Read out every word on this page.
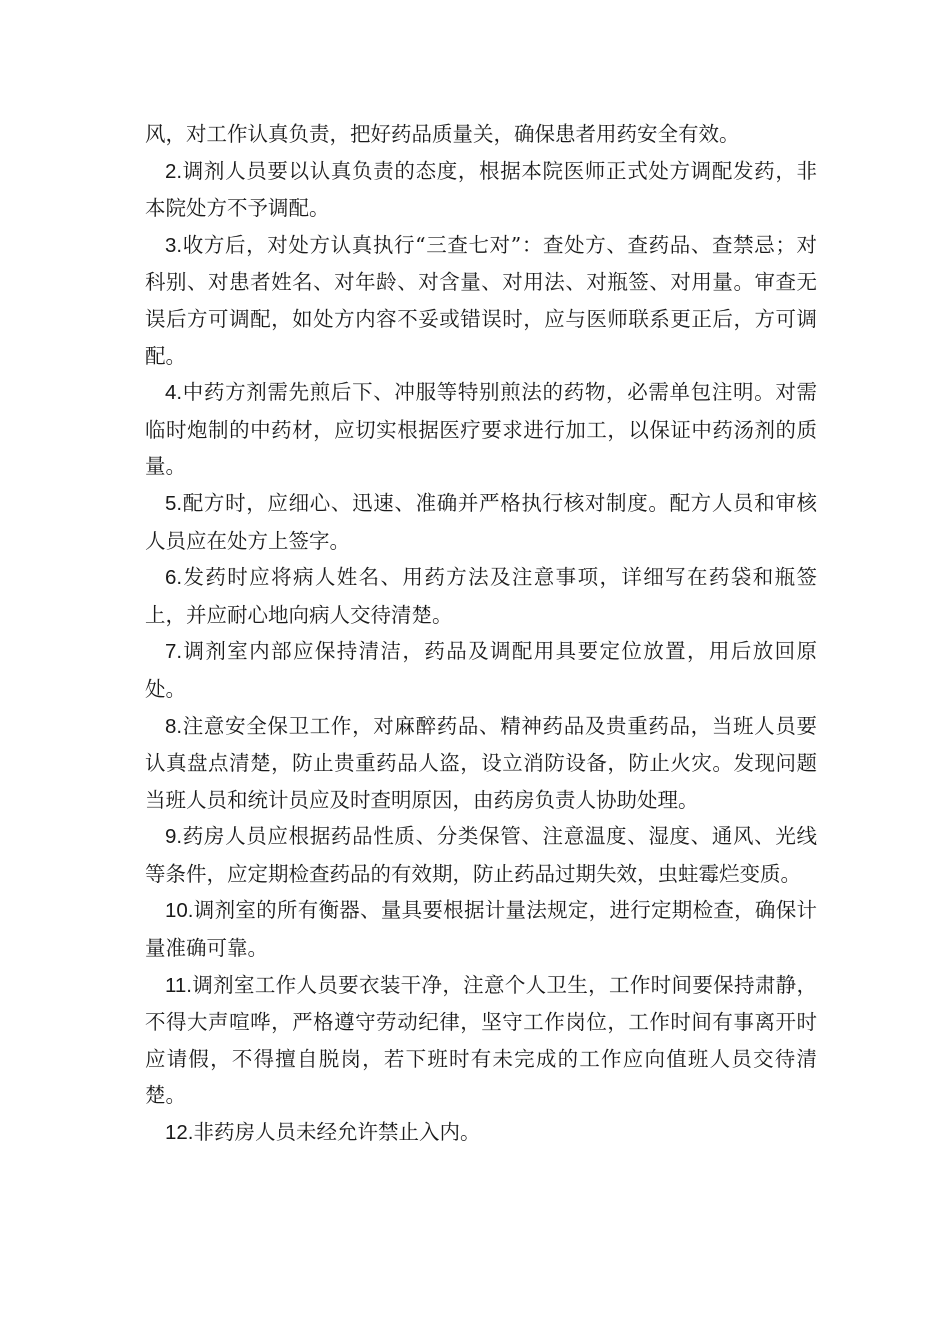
风，对工作认真负责，把好药品质量关，确保患者用药安全有效。

2.调剂人员要以认真负责的态度，根据本院医师正式处方调配发药，非本院处方不予调配。

3.收方后，对处方认真执行“三查七对”：查处方、查药品、查禁忌；对科别、对患者姓名、对年龄、对含量、对用法、对瓶签、对用量。审查无误后方可调配，如处方内容不妥或错误时，应与医师联系更正后，方可调配。

4.中药方剂需先煎后下、冲服等特别煎法的药物，必需单包注明。对需临时炮制的中药材，应切实根据医疗要求进行加工，以保证中药汤剂的质量。

5.配方时，应细心、迅速、准确并严格执行核对制度。配方人员和审核人员应在处方上签字。

6.发药时应将病人姓名、用药方法及注意事项，详细写在药袋和瓶签上，并应耐心地向病人交待清楚。

7.调剂室内部应保持清洁，药品及调配用具要定位放置，用后放回原处。

8.注意安全保卫工作，对麻醉药品、精神药品及贵重药品，当班人员要认真盘点清楚，防止贵重药品人盗，设立消防设备，防止火灾。发现问题当班人员和统计员应及时查明原因，由药房负责人协助处理。

9.药房人员应根据药品性质、分类保管、注意温度、湿度、通风、光线等条件，应定期检查药品的有效期，防止药品过期失效，虫蛀霉烂变质。

10.调剂室的所有衡器、量具要根据计量法规定，进行定期检查，确保计量准确可靠。

11.调剂室工作人员要衣装干净，注意个人卫生，工作时间要保持肃静，不得大声喧哗，严格遵守劳动纪律，坚守工作岗位，工作时间有事离开时应请假，不得擅自脱岗，若下班时有未完成的工作应向值班人员交待清楚。

12.非药房人员未经允许禁止入内。
